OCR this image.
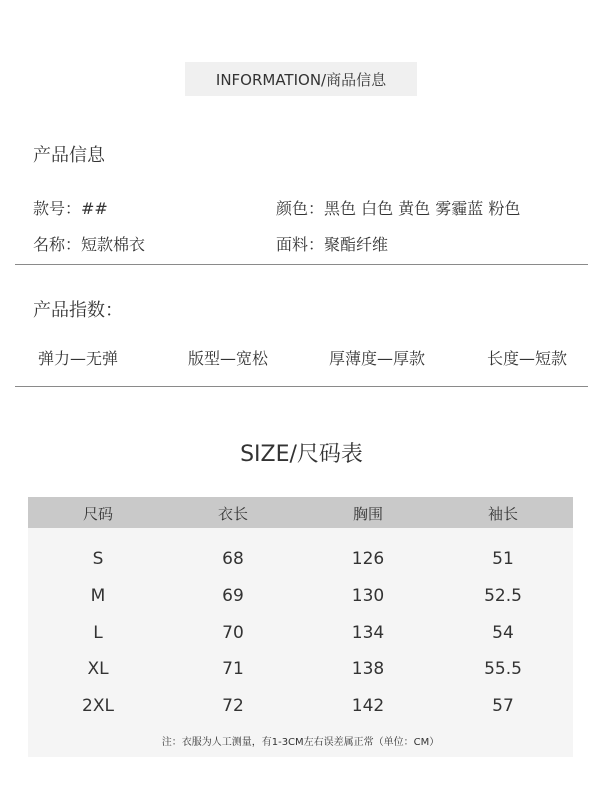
INFORMATION/商品信息
产品信息
款号：##	颜色：黑色 白色 黄色 雾霾蓝 粉色
名称：短款棉衣	面料：聚酯纤维
产品指数：
弹力—无弹	版型—宽松	厚薄度—厚款	长度—短款
SIZE/尺码表
尺码	衣长	胸围	袖长
S	68	126	51
M	69	130	52.5
L	70	134	54
XL	71	138	55.5
2XL	72	142	57
注：衣服为人工测量，有1-3CM左右误差属正常（单位：CM）
